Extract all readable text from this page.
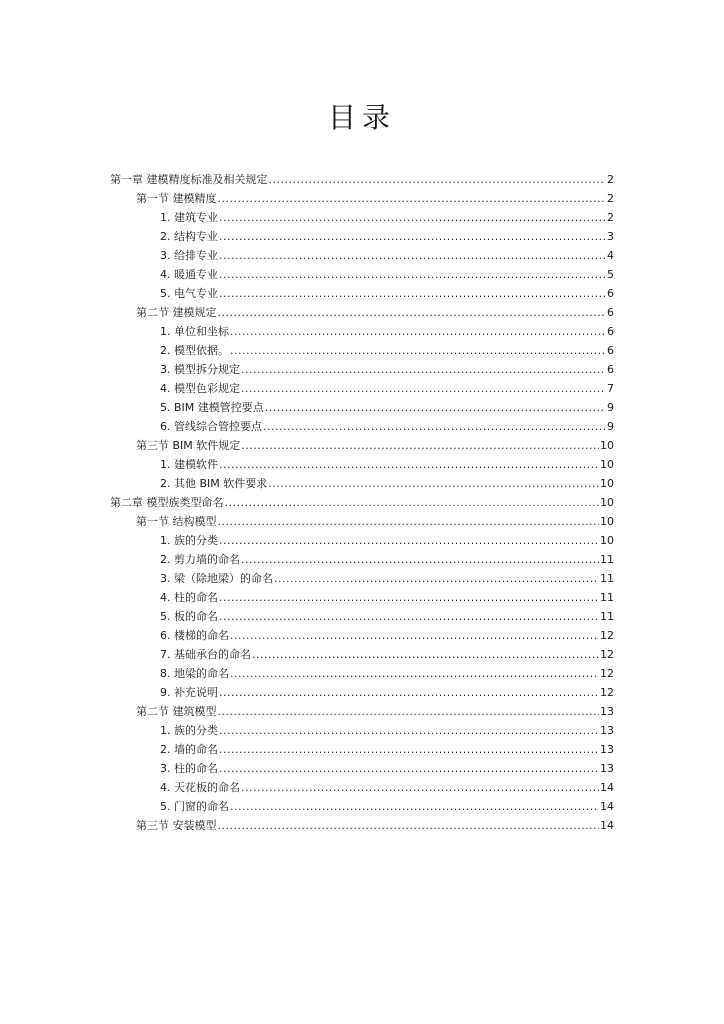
目录
第一章 建模精度标准及相关规定 .....	2
第一节 建模精度 .....	2
1. 建筑专业 .....	2
2. 结构专业 .....	3
3. 给排专业 .....	4
4. 暖通专业 .....	5
5. 电气专业 .....	6
第二节 建模规定 .....	6
1. 单位和坐标 .....	6
2. 模型依据。 .....	6
3. 模型拆分规定 .....	6
4. 模型色彩规定 .....	7
5. BIM 建模管控要点 .....	9
6. 管线综合管控要点 .....	9
第三节 BIM 软件规定 .....	10
1. 建模软件 .....	10
2. 其他 BIM 软件要求 .....	10
第二章 模型族类型命名 .....	10
第一节 结构模型 .....	10
1. 族的分类 .....	10
2. 剪力墙的命名 .....	11
3. 梁（除地梁）的命名 .....	11
4. 柱的命名 .....	11
5. 板的命名 .....	11
6. 楼梯的命名 .....	12
7. 基础承台的命名 .....	12
8. 地梁的命名 .....	12
9. 补充说明 .....	12
第二节 建筑模型 .....	13
1. 族的分类 .....	13
2. 墙的命名 .....	13
3. 柱的命名 .....	13
4. 天花板的命名 .....	14
5. 门窗的命名 .....	14
第三节 安装模型 .....	14
